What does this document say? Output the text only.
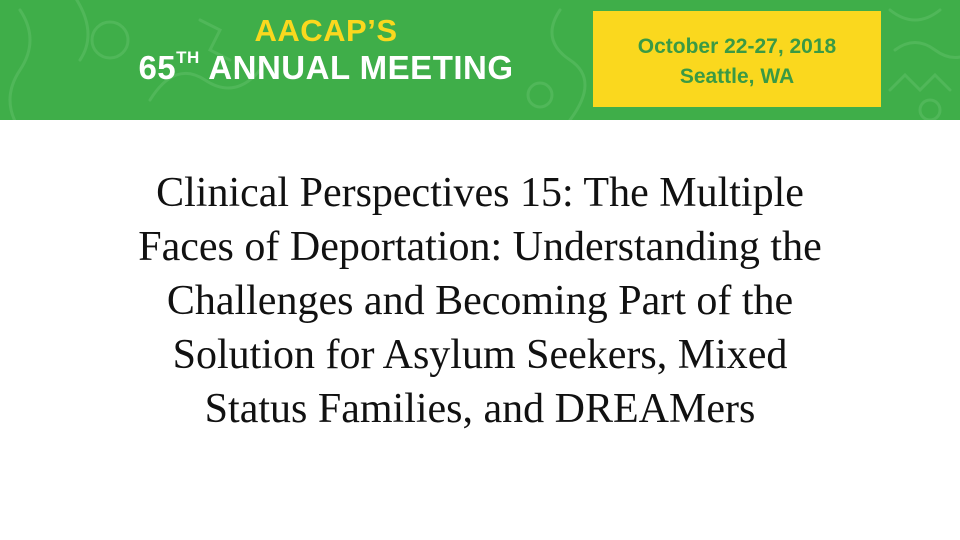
AACAP’S
65TH ANNUAL MEETING
October 22-27, 2018
Seattle, WA
Clinical Perspectives 15: The Multiple
Faces of Deportation: Understanding the
Challenges and Becoming Part of the
Solution for Asylum Seekers, Mixed
Status Families, and DREAMers
